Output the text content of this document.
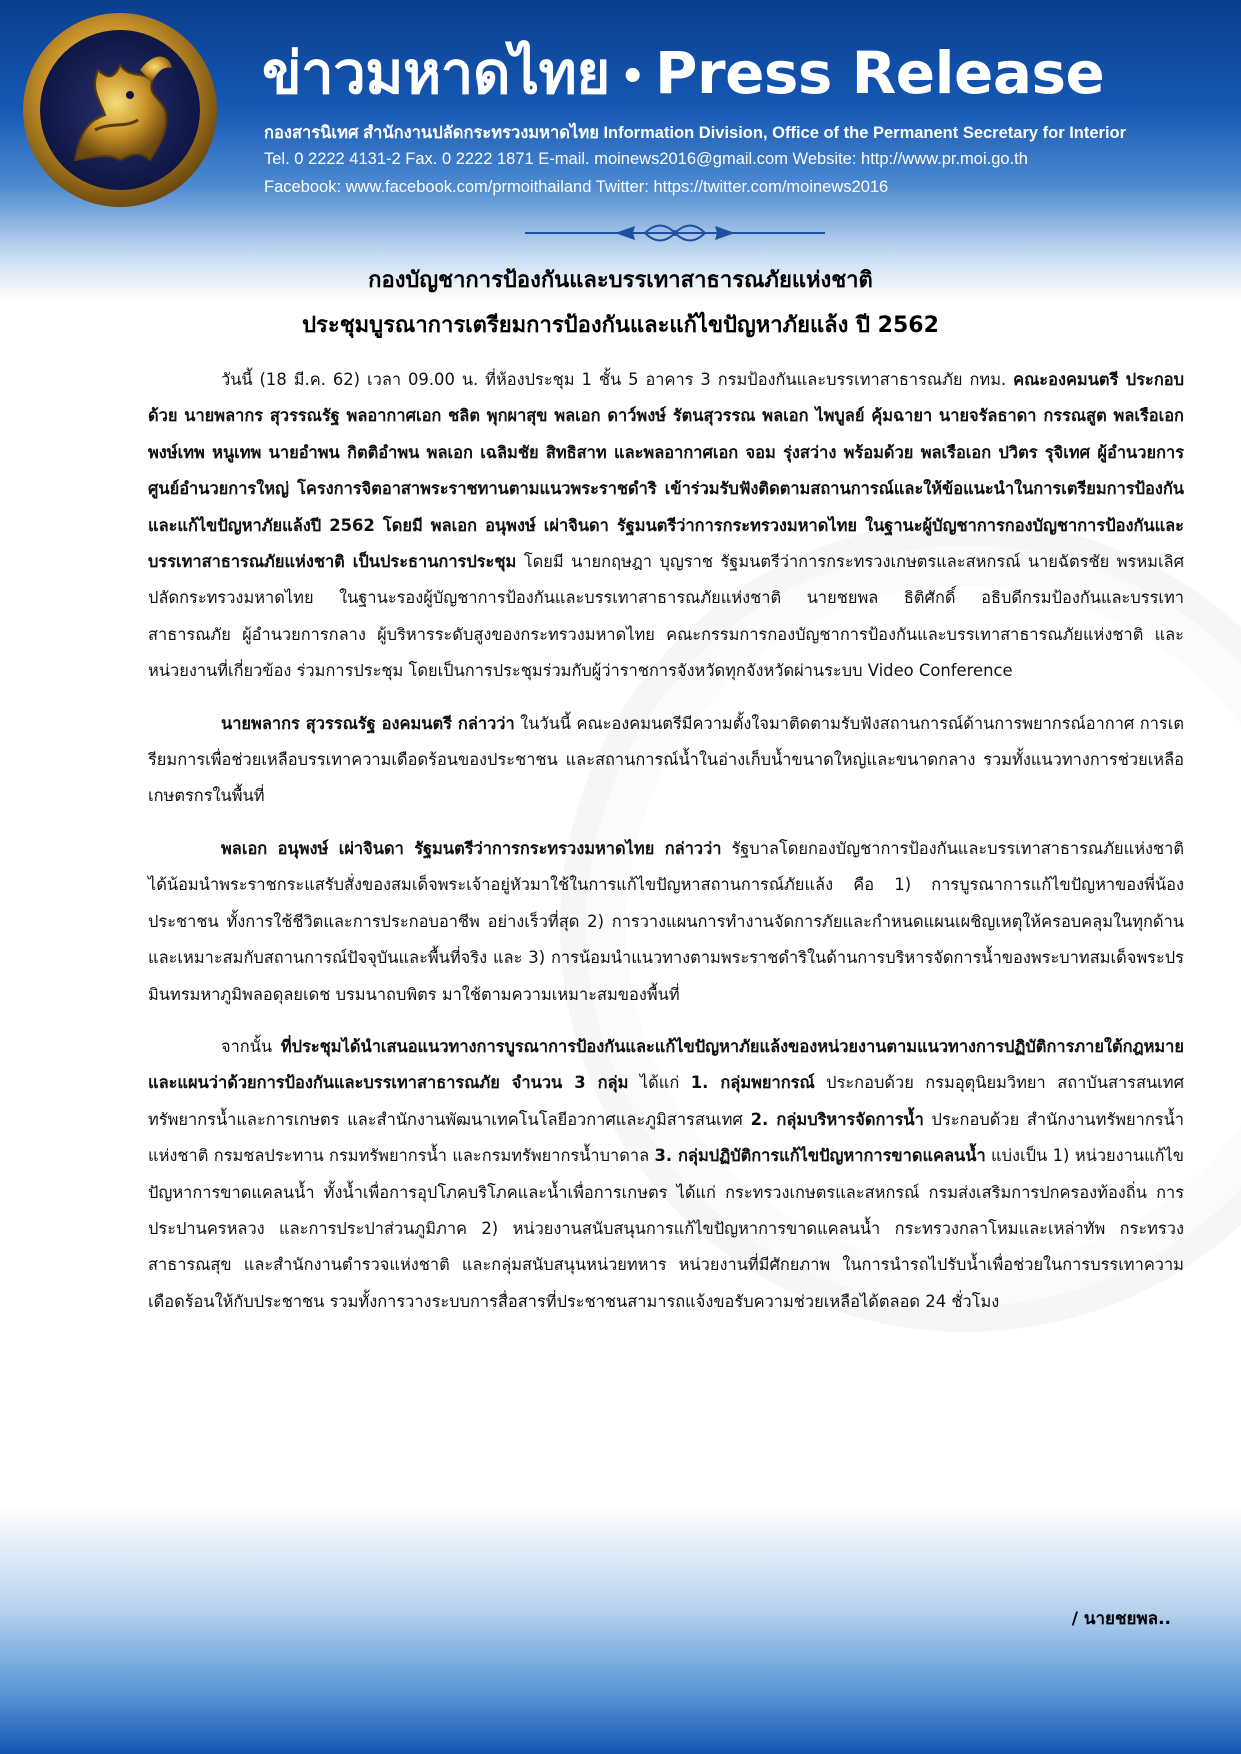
ข่าวมหาดไทย • Press Release
กองสารนิเทศ สำนักงานปลัดกระทรวงมหาดไทย Information Division, Office of the Permanent Secretary for Interior
Tel. 0 2222 4131-2 Fax. 0 2222 1871 E-mail. moinews2016@gmail.com Website: http://www.pr.moi.go.th
Facebook: www.facebook.com/prmoithailand Twitter: https://twitter.com/moinews2016
กองบัญชาการป้องกันและบรรเทาสาธารณภัยแห่งชาติ
ประชุมบูรณาการเตรียมการป้องกันและแก้ไขปัญหาภัยแล้ง ปี 2562

วันนี้ (18 มี.ค. 62) เวลา 09.00 น. ที่ห้องประชุม 1 ชั้น 5 อาคาร 3 กรมป้องกันและบรรเทาสาธารณภัย กทม. คณะองคมนตรี ประกอบด้วย นายพลากร สุวรรณรัฐ พลอากาศเอก ชลิต พุกผาสุข พลเอก ดาว์พงษ์ รัตนสุวรรณ พลเอก ไพบูลย์ คุ้มฉายา นายจรัลธาดา กรรณสูต พลเรือเอก พงษ์เทพ หนูเทพ นายอำพน กิตติอำพน พลเอก เฉลิมชัย สิทธิสาท และพลอากาศเอก จอม รุ่งสว่าง พร้อมด้วย พลเรือเอก ปวิตร รุจิเทศ ผู้อำนวยการศูนย์อำนวยการใหญ่ โครงการจิตอาสาพระราชทานตามแนวพระราชดำริ เข้าร่วมรับฟังติดตามสถานการณ์และให้ข้อแนะนำในการเตรียมการป้องกันและแก้ไขปัญหาภัยแล้งปี 2562 โดยมี พลเอก อนุพงษ์ เผ่าจินดา รัฐมนตรีว่าการกระทรวงมหาดไทย ในฐานะผู้บัญชาการกองบัญชาการป้องกันและบรรเทาสาธารณภัยแห่งชาติ เป็นประธานการประชุม โดยมี นายกฤษฎา บุญราช รัฐมนตรีว่าการกระทรวงเกษตรและสหกรณ์ นายฉัตรชัย พรหมเลิศ ปลัดกระทรวงมหาดไทย ในฐานะรองผู้บัญชาการป้องกันและบรรเทาสาธารณภัยแห่งชาติ นายชยพล ธิติศักดิ์ อธิบดีกรมป้องกันและบรรเทาสาธารณภัย ผู้อำนวยการกลาง ผู้บริหารระดับสูงของกระทรวงมหาดไทย คณะกรรมการกองบัญชาการป้องกันและบรรเทาสาธารณภัยแห่งชาติ และหน่วยงานที่เกี่ยวข้อง ร่วมการประชุม โดยเป็นการประชุมร่วมกับผู้ว่าราชการจังหวัดทุกจังหวัดผ่านระบบ Video Conference

นายพลากร สุวรรณรัฐ องคมนตรี กล่าวว่า ในวันนี้ คณะองคมนตรีมีความตั้งใจมาติดตามรับฟังสถานการณ์ด้านการพยากรณ์อากาศ การเตรียมการเพื่อช่วยเหลือบรรเทาความเดือดร้อนของประชาชน และสถานการณ์น้ำในอ่างเก็บน้ำขนาดใหญ่และขนาดกลาง รวมทั้งแนวทางการช่วยเหลือเกษตรกรในพื้นที่

พลเอก อนุพงษ์ เผ่าจินดา รัฐมนตรีว่าการกระทรวงมหาดไทย กล่าวว่า รัฐบาลโดยกองบัญชาการป้องกันและบรรเทาสาธารณภัยแห่งชาติ ได้น้อมนำพระราชกระแสรับสั่งของสมเด็จพระเจ้าอยู่หัวมาใช้ในการแก้ไขปัญหาสถานการณ์ภัยแล้ง คือ 1) การบูรณาการแก้ไขปัญหาของพี่น้องประชาชน ทั้งการใช้ชีวิตและการประกอบอาชีพ อย่างเร็วที่สุด 2) การวางแผนการทำงานจัดการภัยและกำหนดแผนเผชิญเหตุให้ครอบคลุมในทุกด้าน และเหมาะสมกับสถานการณ์ปัจจุบันและพื้นที่จริง และ 3) การน้อมนำแนวทางตามพระราชดำริในด้านการบริหารจัดการน้ำของพระบาทสมเด็จพระปรมินทรมหาภูมิพลอดุลยเดช บรมนาถบพิตร มาใช้ตามความเหมาะสมของพื้นที่

จากนั้น ที่ประชุมได้นำเสนอแนวทางการบูรณาการป้องกันและแก้ไขปัญหาภัยแล้งของหน่วยงานตามแนวทางการปฏิบัติการภายใต้กฎหมายและแผนว่าด้วยการป้องกันและบรรเทาสาธารณภัย จำนวน 3 กลุ่ม ได้แก่ 1. กลุ่มพยากรณ์ ประกอบด้วย กรมอุตุนิยมวิทยา สถาบันสารสนเทศทรัพยากรน้ำและการเกษตร และสำนักงานพัฒนาเทคโนโลยีอวกาศและภูมิสารสนเทศ 2. กลุ่มบริหารจัดการน้ำ ประกอบด้วย สำนักงานทรัพยากรน้ำแห่งชาติ กรมชลประทาน กรมทรัพยากรน้ำ และกรมทรัพยากรน้ำบาดาล 3. กลุ่มปฏิบัติการแก้ไขปัญหาการขาดแคลนน้ำ แบ่งเป็น 1) หน่วยงานแก้ไขปัญหาการขาดแคลนน้ำ ทั้งน้ำเพื่อการอุปโภคบริโภคและน้ำเพื่อการเกษตร ได้แก่ กระทรวงเกษตรและสหกรณ์ กรมส่งเสริมการปกครองท้องถิ่น การประปานครหลวง และการประปาส่วนภูมิภาค 2) หน่วยงานสนับสนุนการแก้ไขปัญหาการขาดแคลนน้ำ กระทรวงกลาโหมและเหล่าทัพ กระทรวงสาธารณสุข และสำนักงานตำรวจแห่งชาติ และกลุ่มสนับสนุนหน่วยทหาร หน่วยงานที่มีศักยภาพ ในการนำรถไปรับน้ำเพื่อช่วยในการบรรเทาความเดือดร้อนให้กับประชาชน รวมทั้งการวางระบบการสื่อสารที่ประชาชนสามารถแจ้งขอรับความช่วยเหลือได้ตลอด 24 ชั่วโมง

/ นายชยพล..
